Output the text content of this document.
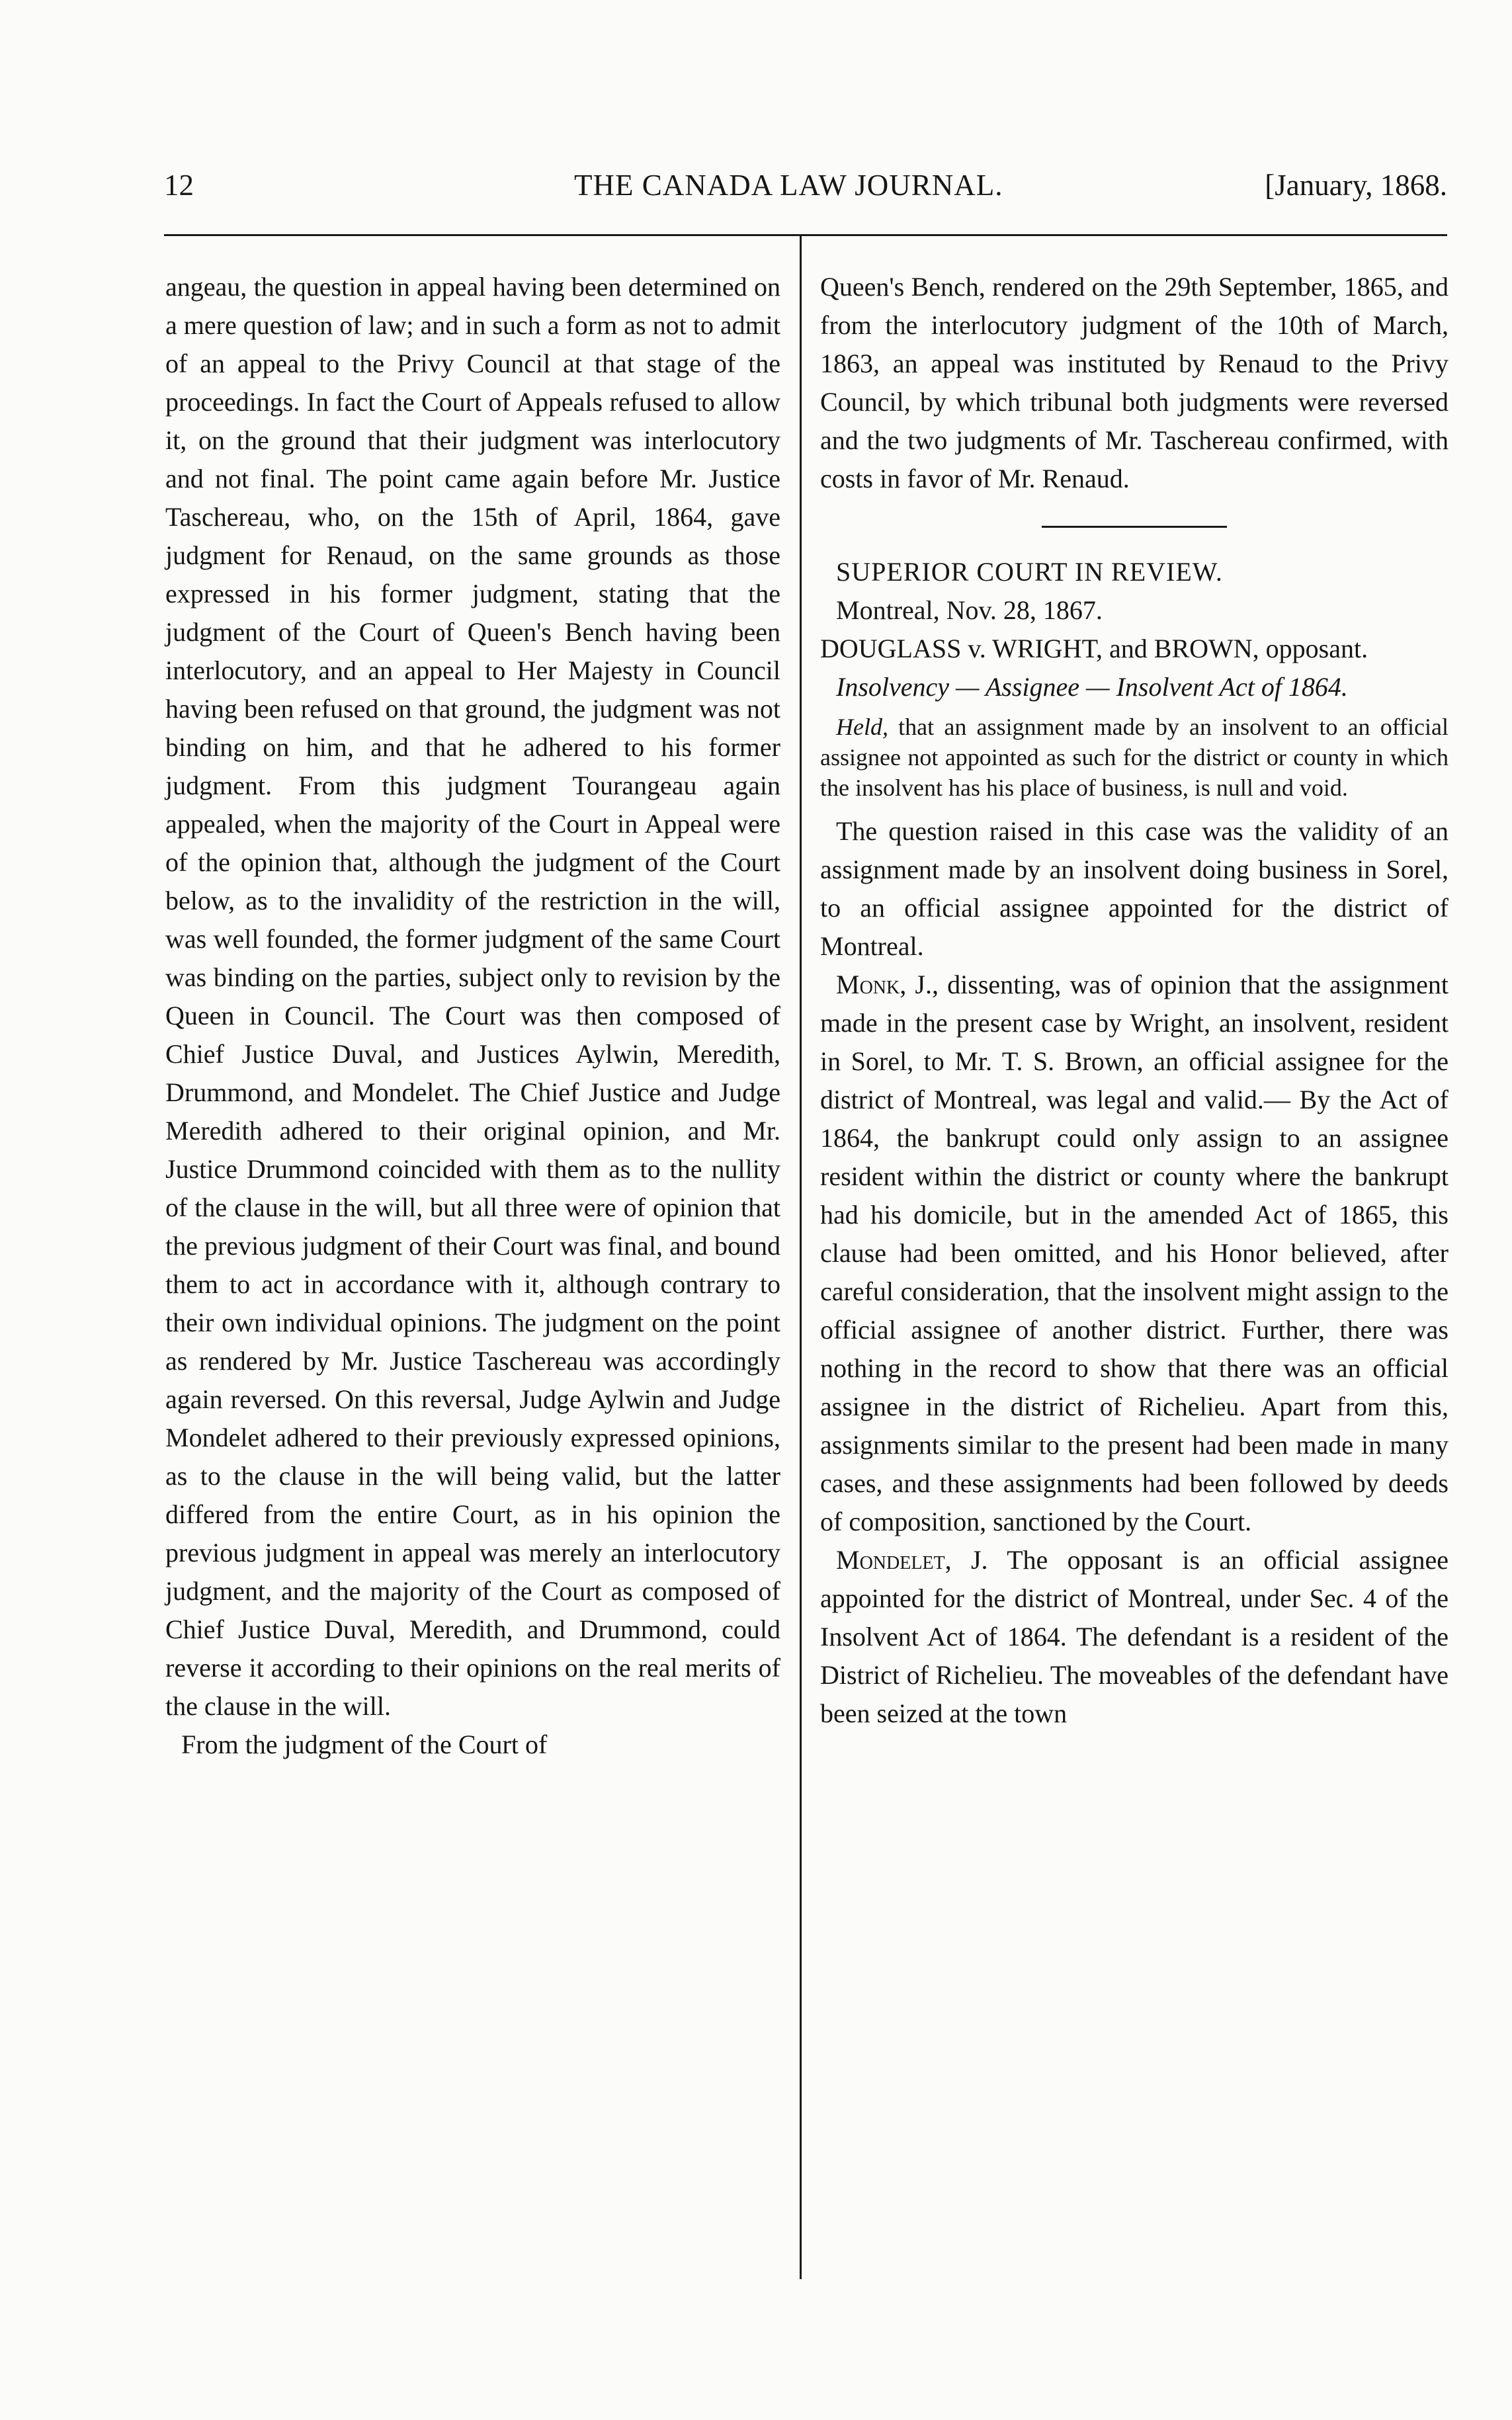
12	THE CANADA LAW JOURNAL.	[January, 1868.

angeau, the question in appeal having been determined on a mere question of law; and in such a form as not to admit of an appeal to the Privy Council at that stage of the proceedings. In fact the Court of Appeals refused to allow it, on the ground that their judgment was interlocutory and not final. The point came again before Mr. Justice Taschereau, who, on the 15th of April, 1864, gave judgment for Renaud, on the same grounds as those expressed in his former judgment, stating that the judgment of the Court of Queen's Bench having been interlocutory, and an appeal to Her Majesty in Council having been refused on that ground, the judgment was not binding on him, and that he adhered to his former judgment. From this judgment Tourangeau again appealed, when the majority of the Court in Appeal were of the opinion that, although the judgment of the Court below, as to the invalidity of the restriction in the will, was well founded, the former judgment of the same Court was binding on the parties, subject only to revision by the Queen in Council. The Court was then composed of Chief Justice Duval, and Justices Aylwin, Meredith, Drummond, and Mondelet. The Chief Justice and Judge Meredith adhered to their original opinion, and Mr. Justice Drummond coincided with them as to the nullity of the clause in the will, but all three were of opinion that the previous judgment of their Court was final, and bound them to act in accordance with it, although contrary to their own individual opinions. The judgment on the point as rendered by Mr. Justice Taschereau was accordingly again reversed. On this reversal, Judge Aylwin and Judge Mondelet adhered to their previously expressed opinions, as to the clause in the will being valid, but the latter differed from the entire Court, as in his opinion the previous judgment in appeal was merely an interlocutory judgment, and the majority of the Court as composed of Chief Justice Duval, Meredith, and Drummond, could reverse it according to their opinions on the real merits of the clause in the will.

From the judgment of the Court of

Queen's Bench, rendered on the 29th September, 1865, and from the interlocutory judgment of the 10th of March, 1863, an appeal was instituted by Renaud to the Privy Council, by which tribunal both judgments were reversed and the two judgments of Mr. Taschereau confirmed, with costs in favor of Mr. Renaud.

SUPERIOR COURT IN REVIEW.

Montreal, Nov. 28, 1867.

DOUGLASS v. WRIGHT, and BROWN, opposant.

Insolvency — Assignee — Insolvent Act of 1864.

Held, that an assignment made by an insolvent to an official assignee not appointed as such for the district or county in which the insolvent has his place of business, is null and void.

The question raised in this case was the validity of an assignment made by an insolvent doing business in Sorel, to an official assignee appointed for the district of Montreal.

Monk, J., dissenting, was of opinion that the assignment made in the present case by Wright, an insolvent, resident in Sorel, to Mr. T. S. Brown, an official assignee for the district of Montreal, was legal and valid.— By the Act of 1864, the bankrupt could only assign to an assignee resident within the district or county where the bankrupt had his domicile, but in the amended Act of 1865, this clause had been omitted, and his Honor believed, after careful consideration, that the insolvent might assign to the official assignee of another district. Further, there was nothing in the record to show that there was an official assignee in the district of Richelieu. Apart from this, assignments similar to the present had been made in many cases, and these assignments had been followed by deeds of composition, sanctioned by the Court.

Mondelet, J. The opposant is an official assignee appointed for the district of Montreal, under Sec. 4 of the Insolvent Act of 1864. The defendant is a resident of the District of Richelieu. The moveables of the defendant have been seized at the town
